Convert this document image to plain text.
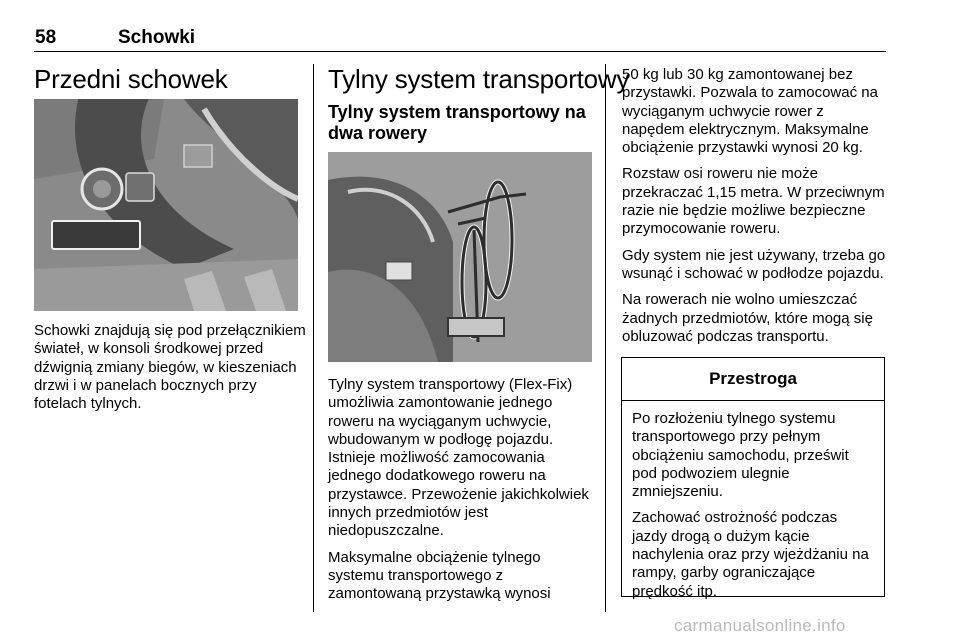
58	Schowki
Przedni schowek

Schowki znajdują się pod przełącznikiem świateł, w konsoli środkowej przed dźwignią zmiany biegów, w kieszeniach drzwi i w panelach bocznych przy fotelach tylnych.

Tylny system transportowy
Tylny system transportowy na dwa rowery

Tylny system transportowy (Flex-Fix) umożliwia zamontowanie jednego roweru na wyciąganym uchwycie, wbudowanym w podłogę pojazdu. Istnieje możliwość zamocowania jednego dodatkowego roweru na przystawce. Przewożenie jakichkolwiek innych przedmiotów jest niedopuszczalne.

Maksymalne obciążenie tylnego systemu transportowego z zamontowaną przystawką wynosi

50 kg lub 30 kg zamontowanej bez przystawki. Pozwala to zamocować na wyciąganym uchwycie rower z napędem elektrycznym. Maksymalne obciążenie przystawki wynosi 20 kg.

Rozstaw osi roweru nie może przekraczać 1,15 metra. W przeciwnym razie nie będzie możliwe bezpieczne przymocowanie roweru.

Gdy system nie jest używany, trzeba go wsunąć i schować w podłodze pojazdu.

Na rowerach nie wolno umieszczać żadnych przedmiotów, które mogą się obluzować podczas transportu.

Przestroga

Po rozłożeniu tylnego systemu transportowego przy pełnym obciążeniu samochodu, prześwit pod podwoziem ulegnie zmniejszeniu.

Zachować ostrożność podczas jazdy drogą o dużym kącie nachylenia oraz przy wjeżdżaniu na rampy, garby ograniczające prędkość itp.

carmanualsonline.info
